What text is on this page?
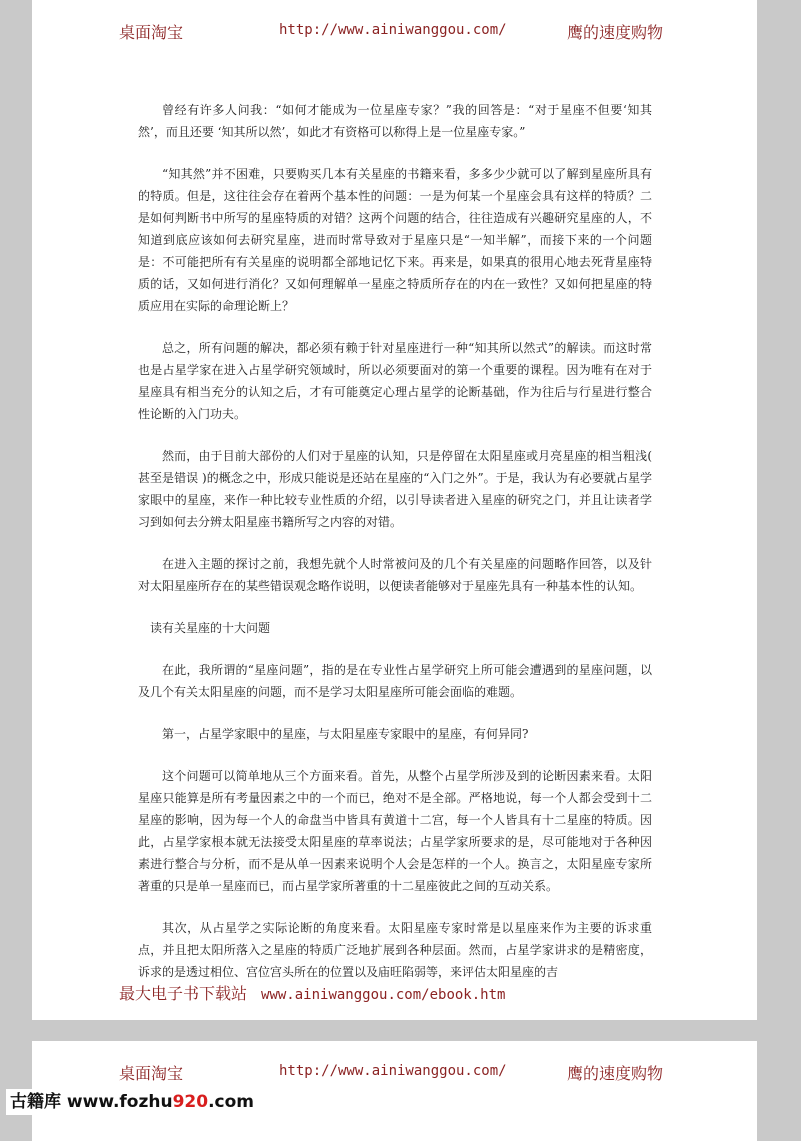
桌面淘宝	http://www.ainiwanggou.com/	鹰的速度购物

曾经有许多人问我：“如何才能成为一位星座专家？”我的回答是：“对于星座不但要‘知其然’，而且还要 ‘知其所以然’，如此才有资格可以称得上是一位星座专家。”

“知其然”并不困难，只要购买几本有关星座的书籍来看，多多少少就可以了解到星座所具有的特质。但是，这往往会存在着两个基本性的问题：一是为何某一个星座会具有这样的特质？二是如何判断书中所写的星座特质的对错？这两个问题的结合，往往造成有兴趣研究星座的人，不知道到底应该如何去研究星座，进而时常导致对于星座只是“一知半解”，而接下来的一个问题是：不可能把所有有关星座的说明都全部地记忆下来。再来是，如果真的很用心地去死背星座特质的话，又如何进行消化？又如何理解单一星座之特质所存在的内在一致性？又如何把星座的特质应用在实际的命理论断上？

总之，所有问题的解决，都必须有赖于针对星座进行一种“知其所以然式”的解读。而这时常也是占星学家在进入占星学研究领域时，所以必须要面对的第一个重要的课程。因为唯有在对于星座具有相当充分的认知之后，才有可能奠定心理占星学的论断基础，作为往后与行星进行整合性论断的入门功夫。

然而，由于目前大部份的人们对于星座的认知，只是停留在太阳星座或月亮星座的相当粗浅( 甚至是错误 )的概念之中，形成只能说是还站在星座的“入门之外”。于是，我认为有必要就占星学家眼中的星座，来作一种比较专业性质的介绍，以引导读者进入星座的研究之门，并且让读者学习到如何去分辨太阳星座书籍所写之内容的对错。

在进入主题的探讨之前，我想先就个人时常被问及的几个有关星座的问题略作回答，以及针对太阳星座所存在的某些错误观念略作说明，以便读者能够对于星座先具有一种基本性的认知。

读有关星座的十大问题

在此，我所谓的“星座问题”，指的是在专业性占星学研究上所可能会遭遇到的星座问题，以及几个有关太阳星座的问题，而不是学习太阳星座所可能会面临的难题。

第一，占星学家眼中的星座，与太阳星座专家眼中的星座，有何异同?

这个问题可以简单地从三个方面来看。首先，从整个占星学所涉及到的论断因素来看。太阳星座只能算是所有考量因素之中的一个而已，绝对不是全部。严格地说，每一个人都会受到十二星座的影响，因为每一个人的命盘当中皆具有黄道十二宫，每一个人皆具有十二星座的特质。因此，占星学家根本就无法接受太阳星座的草率说法；占星学家所要求的是，尽可能地对于各种因素进行整合与分析，而不是从单一因素来说明个人会是怎样的一个人。换言之，太阳星座专家所著重的只是单一星座而已，而占星学家所著重的十二星座彼此之间的互动关系。

其次，从占星学之实际论断的角度来看。太阳星座专家时常是以星座来作为主要的诉求重点，并且把太阳所落入之星座的特质广泛地扩展到各种层面。然而，占星学家讲求的是精密度，诉求的是透过相位、宫位宫头所在的位置以及庙旺陷弱等，来评估太阳星座的吉

最大电子书下载站 www.ainiwanggou.com/ebook.htm
桌面淘宝	http://www.ainiwanggou.com/	鹰的速度购物
古籍库 www.fozhu920.com
